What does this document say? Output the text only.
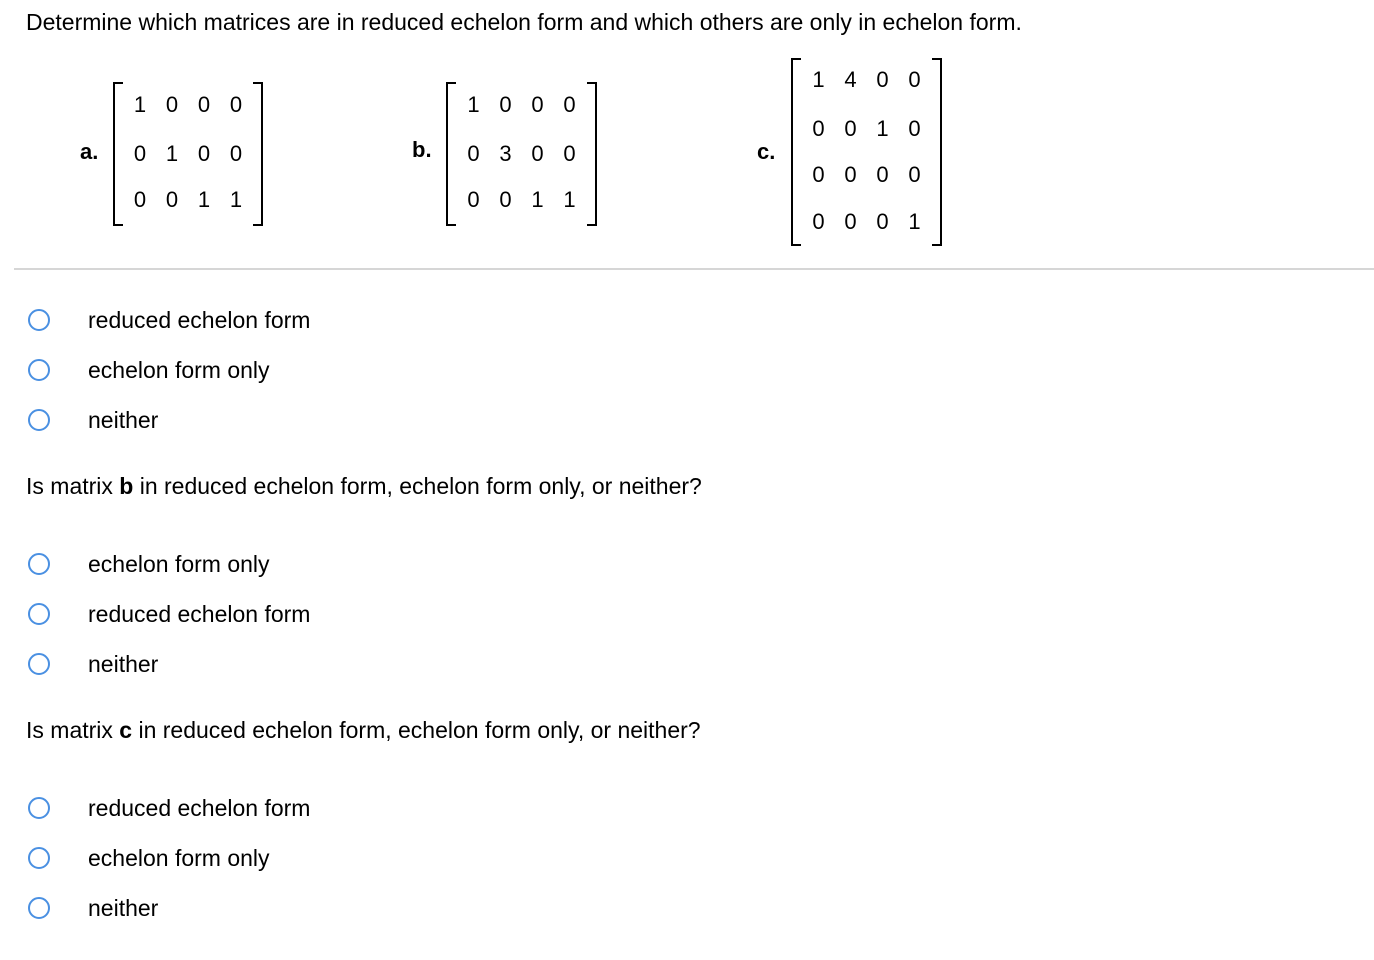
Determine which matrices are in reduced echelon form and which others are only in echelon form.
a.
1 0 0 0
0 1 0 0
0 0 1 1
b.
1 0 0 0
0 3 0 0
0 0 1 1
c.
1 4 0 0
0 0 1 0
0 0 0 0
0 0 0 1
reduced echelon form
echelon form only
neither
Is matrix b in reduced echelon form, echelon form only, or neither?
echelon form only
reduced echelon form
neither
Is matrix c in reduced echelon form, echelon form only, or neither?
reduced echelon form
echelon form only
neither
